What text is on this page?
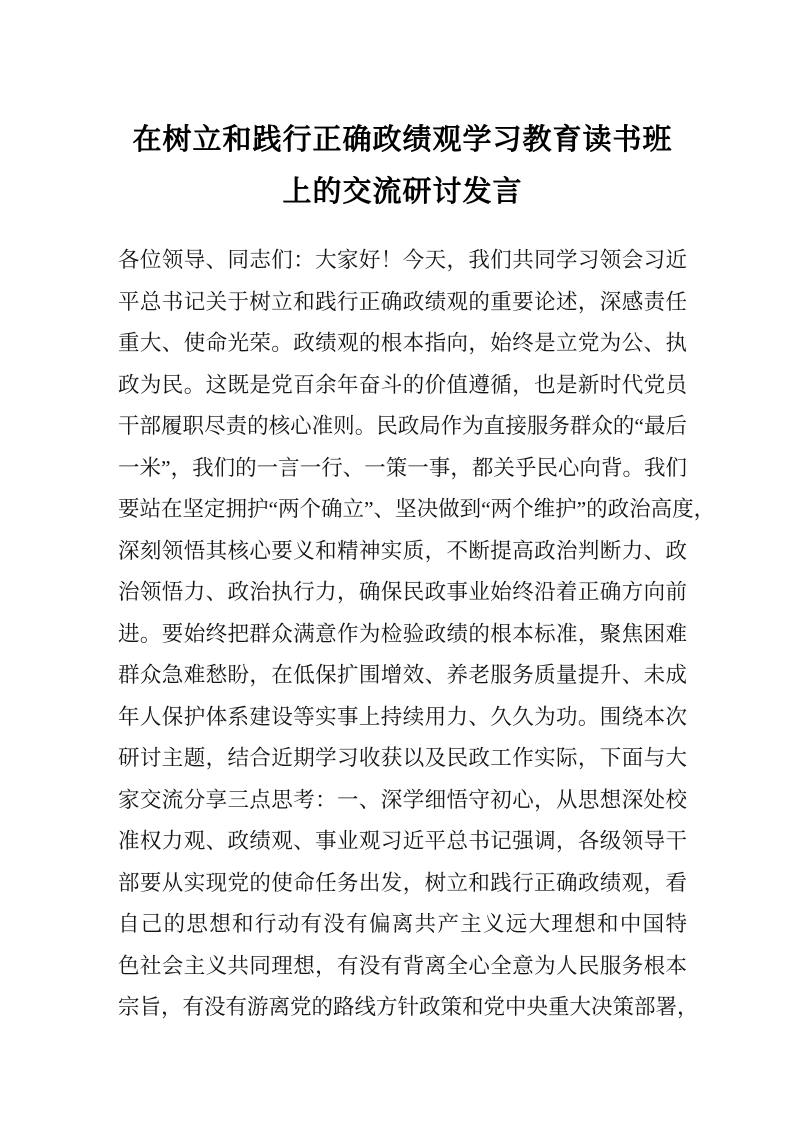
在树立和践行正确政绩观学习教育读书班
上的交流研讨发言
各位领导、同志们：大家好！今天，我们共同学习领会习近
平总书记关于树立和践行正确政绩观的重要论述，深感责任
重大、使命光荣。政绩观的根本指向，始终是立党为公、执
政为民。这既是党百余年奋斗的价值遵循，也是新时代党员
干部履职尽责的核心准则。民政局作为直接服务群众的“最后
一米”，我们的一言一行、一策一事，都关乎民心向背。我们
要站在坚定拥护“两个确立”、坚决做到“两个维护”的政治高度，
深刻领悟其核心要义和精神实质，不断提高政治判断力、政
治领悟力、政治执行力，确保民政事业始终沿着正确方向前
进。要始终把群众满意作为检验政绩的根本标准，聚焦困难
群众急难愁盼，在低保扩围增效、养老服务质量提升、未成
年人保护体系建设等实事上持续用力、久久为功。围绕本次
研讨主题，结合近期学习收获以及民政工作实际，下面与大
家交流分享三点思考：一、深学细悟守初心，从思想深处校
准权力观、政绩观、事业观习近平总书记强调，各级领导干
部要从实现党的使命任务出发，树立和践行正确政绩观，看
自己的思想和行动有没有偏离共产主义远大理想和中国特
色社会主义共同理想，有没有背离全心全意为人民服务根本
宗旨，有没有游离党的路线方针政策和党中央重大决策部署，
